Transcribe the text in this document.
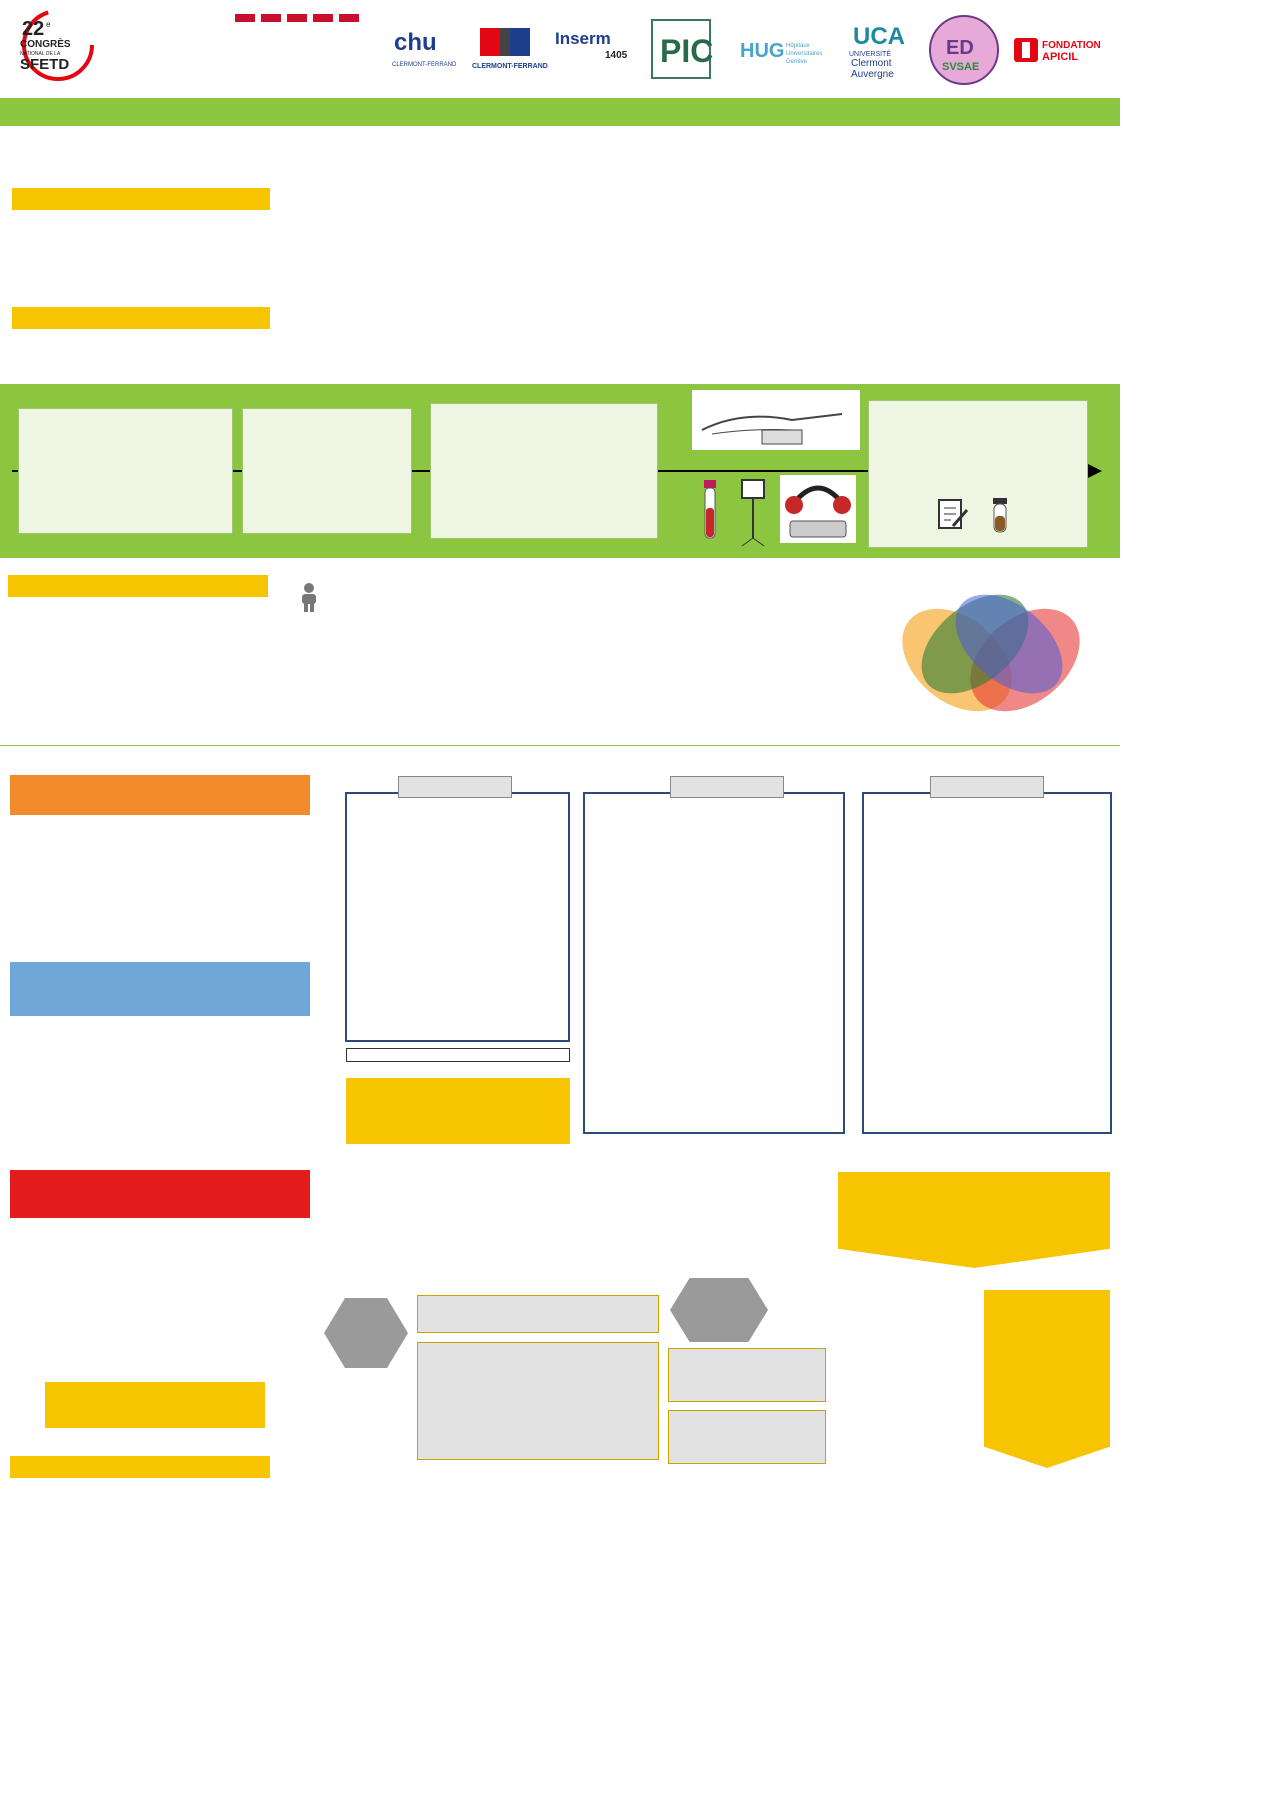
22 e
CONGRÈS
NATIONAL DE LA
SFETD
chu
CLERMONT-FERRAND CLERMONT-FERRAND
Inserm
1405 PIC HUG Hôpitaux
Universitaires
Genève
UCA
UNIVERSITÉ
Clermont
Auvergne
ED
SVSAE
FONDATION
APICIL
